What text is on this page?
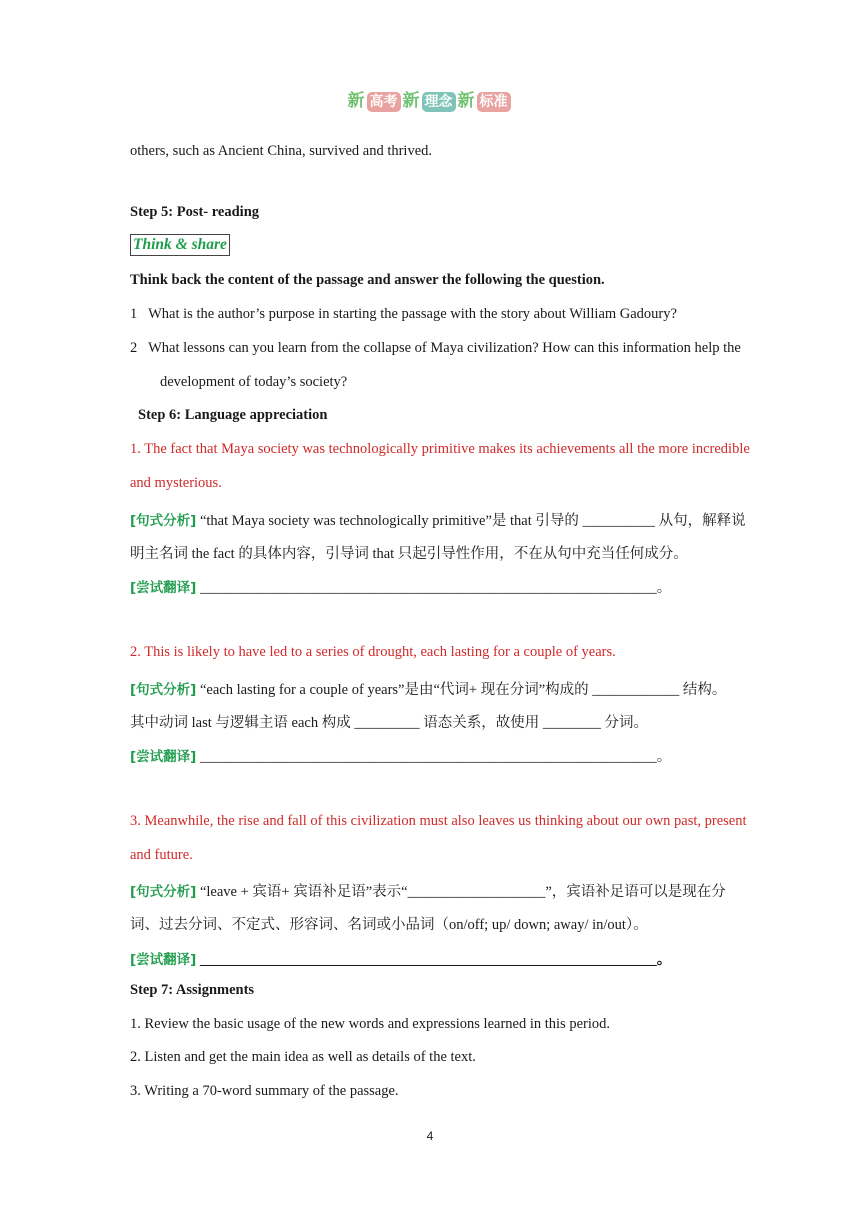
新 高考 新 理念 新 标准
others, such as Ancient China, survived and thrived.
Step 5: Post- reading
Think & share
Think back the content of the passage and answer the following the question.
1   What is the author’s purpose in starting the passage with the story about William Gadoury?
2   What lessons can you learn from the collapse of Maya civilization? How can this information help the
development of today’s society?
Step 6: Language appreciation
1. The fact that Maya society was technologically primitive makes its achievements all the more incredible
and mysterious.
[句式分析] “that Maya society was technologically primitive”是 that 引导的 __________ 从句，解释说
明主名词 the fact 的具体内容，引导词 that 只起引导性作用，不在从句中充当任何成分。
[尝试翻译] _______________________________________________________________。
2. This is likely to have led to a series of drought, each lasting for a couple of years.
[句式分析] “each lasting for a couple of years”是由“代词+ 现在分词”构成的 ____________ 结构。
其中动词 last 与逻辑主语 each 构成 _________ 语态关系，故使用 ________ 分词。
[尝试翻译] _______________________________________________________________。
3. Meanwhile, the rise and fall of this civilization must also leaves us thinking about our own past, present
and future.
[句式分析] “leave + 宾语+ 宾语补足语”表示“___________________”，宾语补足语可以是现在分
词、过去分词、不定式、形容词、名词或小品词（on/off; up/ down; away/ in/out）。
[尝试翻译] _______________________________________________________________。
Step 7: Assignments
1. Review the basic usage of the new words and expressions learned in this period.
2. Listen and get the main idea as well as details of the text.
3. Writing a 70-word summary of the passage.
4
